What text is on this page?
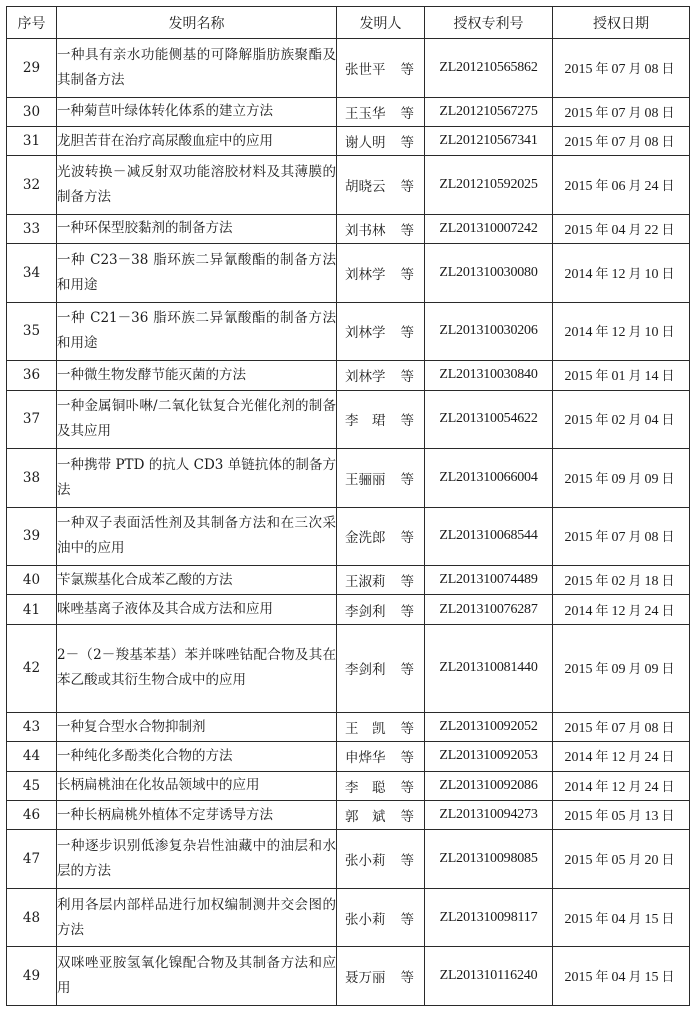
序号	发明名称	发明人	授权专利号	授权日期
29	一种具有亲水功能侧基的可降解脂肪族聚酯及其制备方法	张世平 等	ZL201210565862	2015 年 07 月 08 日
30	一种菊苣叶绿体转化体系的建立方法	王玉华 等	ZL201210567275	2015 年 07 月 08 日
31	龙胆苦苷在治疗高尿酸血症中的应用	谢人明 等	ZL201210567341	2015 年 07 月 08 日
32	光波转换－减反射双功能溶胶材料及其薄膜的制备方法	胡晓云 等	ZL201210592025	2015 年 06 月 24 日
33	一种环保型胶黏剂的制备方法	刘书林 等	ZL201310007242	2015 年 04 月 22 日
34	一种 C23－38 脂环族二异氰酸酯的制备方法和用途	刘林学 等	ZL201310030080	2014 年 12 月 10 日
35	一种 C21－36 脂环族二异氰酸酯的制备方法和用途	刘林学 等	ZL201310030206	2014 年 12 月 10 日
36	一种微生物发酵节能灭菌的方法	刘林学 等	ZL201310030840	2015 年 01 月 14 日
37	一种金属铜卟啉/二氧化钛复合光催化剂的制备及其应用	李　珺 等	ZL201310054622	2015 年 02 月 04 日
38	一种携带 PTD 的抗人 CD3 单链抗体的制备方法	王骊丽 等	ZL201310066004	2015 年 09 月 09 日
39	一种双子表面活性剂及其制备方法和在三次采油中的应用	金洗郎 等	ZL201310068544	2015 年 07 月 08 日
40	苄氯羰基化合成苯乙酸的方法	王淑莉 等	ZL201310074489	2015 年 02 月 18 日
41	咪唑基离子液体及其合成方法和应用	李剑利 等	ZL201310076287	2014 年 12 月 24 日
42	2－（2－羧基苯基）苯并咪唑钴配合物及其在苯乙酸或其衍生物合成中的应用	李剑利 等	ZL201310081440	2015 年 09 月 09 日
43	一种复合型水合物抑制剂	王　凯 等	ZL201310092052	2015 年 07 月 08 日
44	一种纯化多酚类化合物的方法	申烨华 等	ZL201310092053	2014 年 12 月 24 日
45	长柄扁桃油在化妆品领域中的应用	李　聪 等	ZL201310092086	2014 年 12 月 24 日
46	一种长柄扁桃外植体不定芽诱导方法	郭　斌 等	ZL201310094273	2015 年 05 月 13 日
47	一种逐步识别低渗复杂岩性油藏中的油层和水层的方法	张小莉 等	ZL201310098085	2015 年 05 月 20 日
48	利用各层内部样品进行加权编制测井交会图的方法	张小莉 等	ZL201310098117	2015 年 04 月 15 日
49	双咪唑亚胺氢氧化镍配合物及其制备方法和应用	聂万丽 等	ZL201310116240	2015 年 04 月 15 日
